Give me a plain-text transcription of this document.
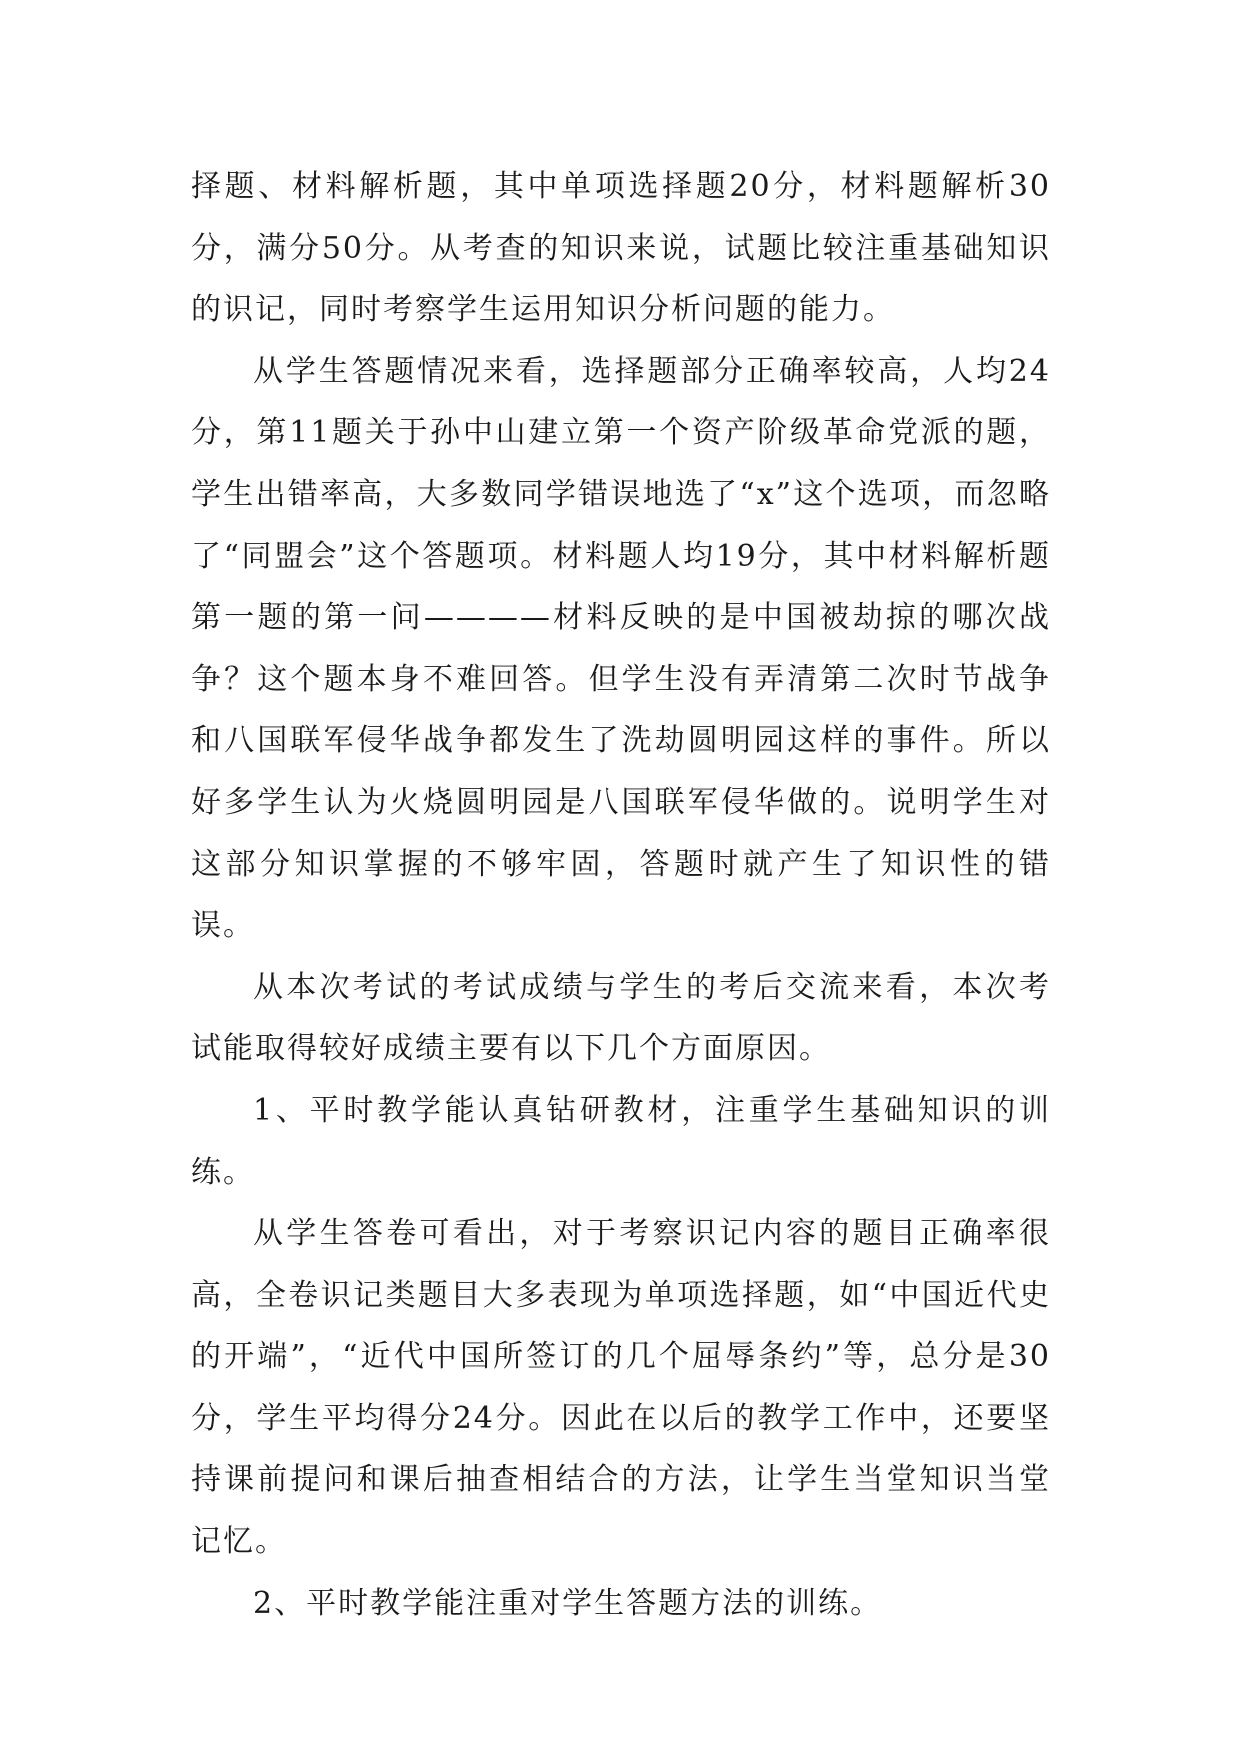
择题、材料解析题，其中单项选择题20分，材料题解析30分，满分50分。从考查的知识来说，试题比较注重基础知识的识记，同时考察学生运用知识分析问题的能力。

从学生答题情况来看，选择题部分正确率较高，人均24分，第11题关于孙中山建立第一个资产阶级革命党派的题，学生出错率高，大多数同学错误地选了“x”这个选项，而忽略了“同盟会”这个答题项。材料题人均19分，其中材料解析题第一题的第一问————材料反映的是中国被劫掠的哪次战争？这个题本身不难回答。但学生没有弄清第二次时节战争和八国联军侵华战争都发生了洗劫圆明园这样的事件。所以好多学生认为火烧圆明园是八国联军侵华做的。说明学生对这部分知识掌握的不够牢固，答题时就产生了知识性的错误。

从本次考试的考试成绩与学生的考后交流来看，本次考试能取得较好成绩主要有以下几个方面原因。

1、平时教学能认真钻研教材，注重学生基础知识的训练。

从学生答卷可看出，对于考察识记内容的题目正确率很高，全卷识记类题目大多表现为单项选择题，如“中国近代史的开端”，“近代中国所签订的几个屈辱条约”等，总分是30分，学生平均得分24分。因此在以后的教学工作中，还要坚持课前提问和课后抽查相结合的方法，让学生当堂知识当堂记忆。

2、平时教学能注重对学生答题方法的训练。
